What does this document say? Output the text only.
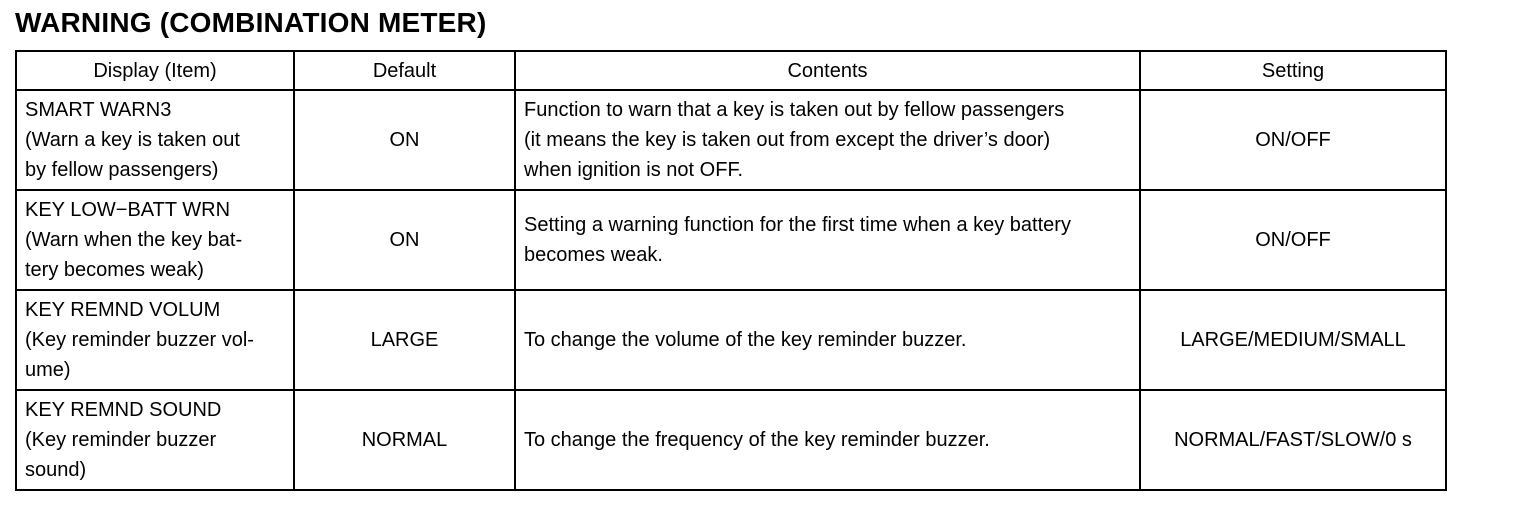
WARNING (COMBINATION METER)
Display (Item)	Default	Contents	Setting

SMART WARN3
(Warn a key is taken out
by fellow passengers)	ON	Function to warn that a key is taken out by fellow passengers
(it means the key is taken out from except the driver’s door)
when ignition is not OFF.	ON/OFF

KEY LOW−BATT WRN
(Warn when the key bat-
tery becomes weak)	ON	Setting a warning function for the first time when a key battery
becomes weak.	ON/OFF

KEY REMND VOLUM
(Key reminder buzzer vol-
ume)	LARGE	To change the volume of the key reminder buzzer.	LARGE/MEDIUM/SMALL

KEY REMND SOUND
(Key reminder buzzer
sound)	NORMAL	To change the frequency of the key reminder buzzer.	NORMAL/FAST/SLOW/0 s
